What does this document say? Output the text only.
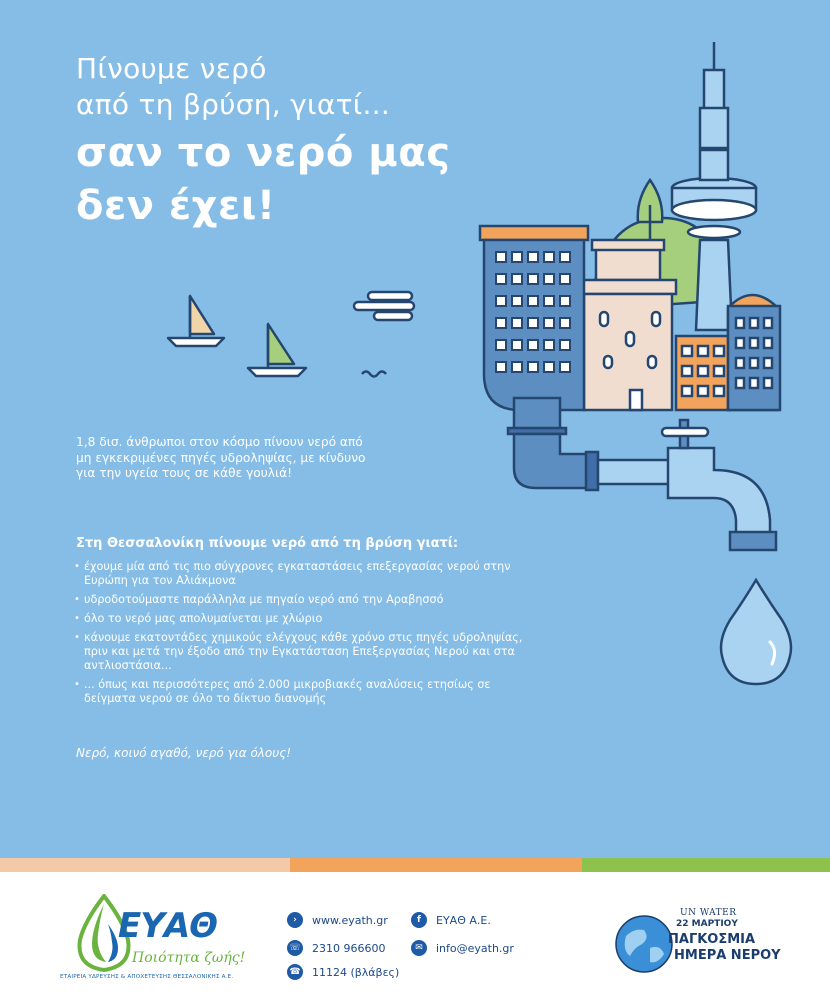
Πίνουμε νερό
από τη βρύση, γιατί...
σαν το νερό μας
δεν έχει!

1,8 δισ. άνθρωποι στον κόσμο πίνουν νερό από μη εγκεκριμένες πηγές υδροληψίας, με κίνδυνο για την υγεία τους σε κάθε γουλιά!

Στη Θεσσαλονίκη πίνουμε νερό από τη βρύση γιατί:
• έχουμε μία από τις πιο σύγχρονες εγκαταστάσεις επεξεργασίας νερού στην Ευρώπη για τον Αλιάκμονα
• υδροδοτούμαστε παράλληλα με πηγαίο νερό από την Αραβησσό
• όλο το νερό μας απολυμαίνεται με χλώριο
• κάνουμε εκατοντάδες χημικούς ελέγχους κάθε χρόνο στις πηγές υδροληψίας, πριν και μετά την έξοδο από την Εγκατάσταση Επεξεργασίας Νερού και στα αντλιοστάσια...
• ... όπως και περισσότερες από 2.000 μικροβιακές αναλύσεις ετησίως σε δείγματα νερού σε όλο το δίκτυο διανομής
Νερό, κοινό αγαθό, νερό για όλους!
ΕΥΑΘ
Ποιότητα ζωής!
ΕΤΑΙΡΕΙΑ ΥΔΡΕΥΣΗΣ & ΑΠΟΧΕΤΕΥΣΗΣ ΘΕΣΣΑΛΟΝΙΚΗΣ Α.Ε.
›	www.eyath.gr
☏ 2310 966600
☎ 11124 (βλάβες)
f	ΕΥΑΘ Α.Ε.
✉	info@eyath.gr
UN WATER
22 ΜΑΡΤΙΟΥ
ΠΑΓΚΟΣΜΙΑ
ΗΜΕΡΑ ΝΕΡΟΥ
